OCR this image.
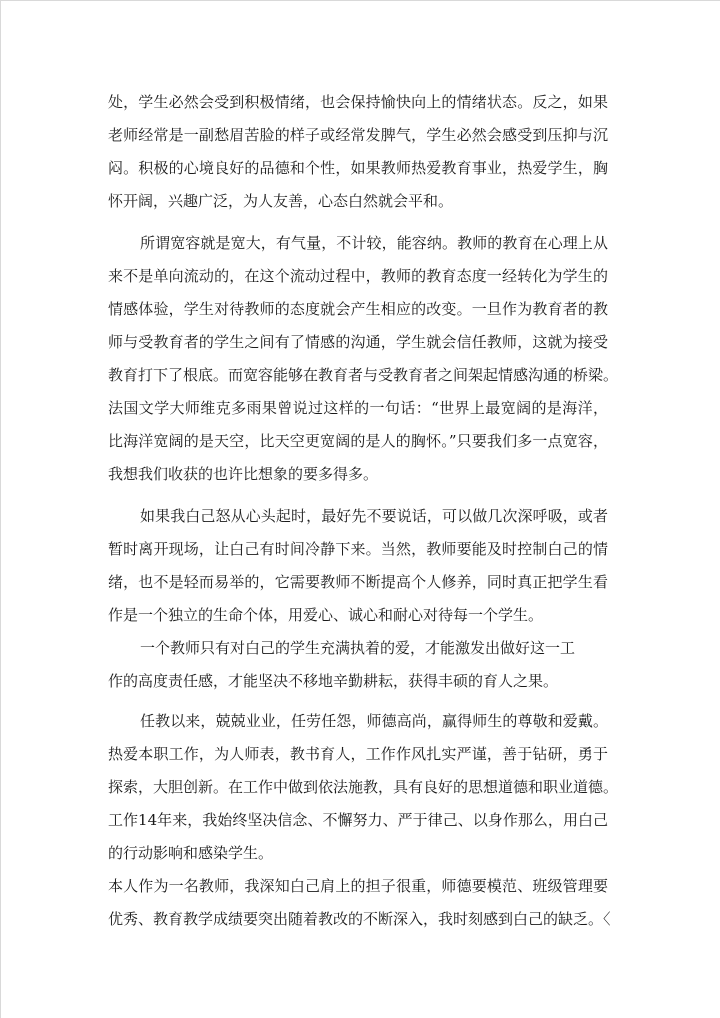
处，学生必然会受到积极情绪，也会保持愉快向上的情绪状态。反之，如果
老师经常是一副愁眉苦脸的样子或经常发脾气，学生必然会感受到压抑与沉
闷。积极的心境良好的品德和个性，如果教师热爱教育事业，热爱学生，胸
怀开阔，兴趣广泛，为人友善，心态白然就会平和。
所谓宽容就是宽大，有气量，不计较，能容纳。教师的教育在心理上从
来不是单向流动的，在这个流动过程中，教师的教育态度一经转化为学生的
情感体验，学生对待教师的态度就会产生相应的改变。一旦作为教育者的教
师与受教育者的学生之间有了情感的沟通，学生就会信任教师，这就为接受
教育打下了根底。而宽容能够在教育者与受教育者之间架起情感沟通的桥梁。
法国文学大师维克多雨果曾说过这样的一句话：“世界上最宽阔的是海洋，
比海洋宽阔的是天空，比天空更宽阔的是人的胸怀。”只要我们多一点宽容，
我想我们收获的也许比想象的要多得多。
如果我白己怒从心头起时，最好先不要说话，可以做几次深呼吸，或者
暂时离开现场，让白己有时间冷静下来。当然，教师要能及时控制白己的情
绪，也不是轻而易举的，它需要教师不断提高个人修养，同时真正把学生看
作是一个独立的生命个体，用爱心、诚心和耐心对待每一个学生。
一个教师只有对白己的学生充满执着的爱，才能激发出做好这一工
作的高度责任感，才能坚决不移地辛勤耕耘，获得丰硕的育人之果。
任教以来，兢兢业业，任劳任怨，师德高尚，赢得师生的尊敬和爱戴。
热爱本职工作，为人师表，教书育人，工作作风扎实严谨，善于钻研，勇于
探索，大胆创新。在工作中做到依法施教，具有良好的思想道德和职业道德。
工作14年来，我始终坚决信念、不懈努力、严于律己、以身作那么，用白己
的行动影响和感染学生。
本人作为一名教师，我深知白己肩上的担子很重，师德要模范、班级管理要
优秀、教育教学成绩要突出随着教改的不断深入，我时刻感到白己的缺乏。〈
